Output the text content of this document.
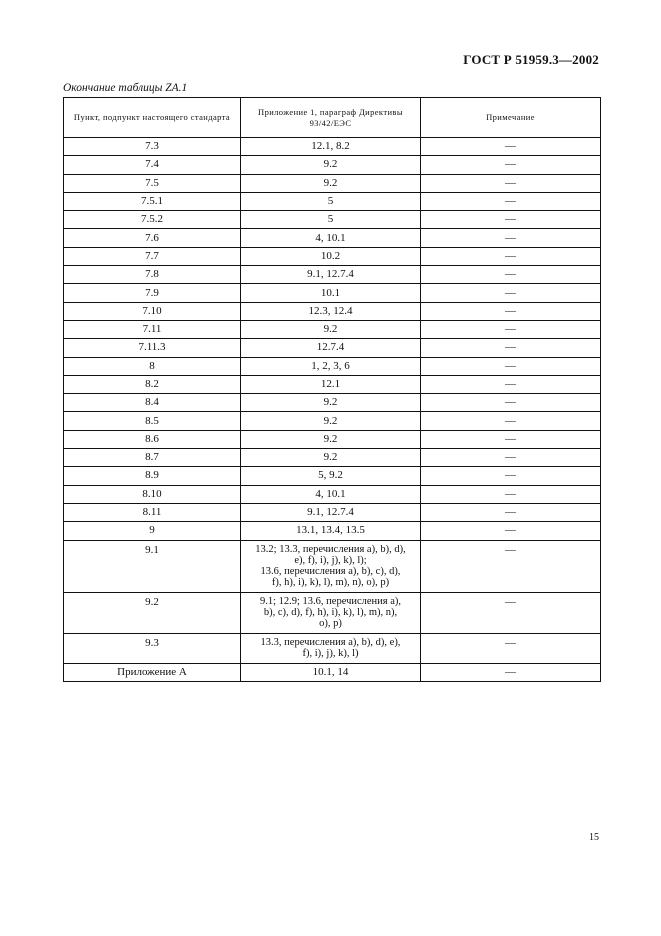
ГОСТ Р 51959.3—2002
Окончание таблицы ZA.1
Пункт, подпункт настоящего стандарта	Приложение 1, параграф Директивы 93/42/ЕЭС	Примечание
7.3	12.1, 8.2	—
7.4	9.2	—
7.5	9.2	—
7.5.1	5	—
7.5.2	5	—
7.6	4, 10.1	—
7.7	10.2	—
7.8	9.1, 12.7.4	—
7.9	10.1	—
7.10	12.3, 12.4	—
7.11	9.2	—
7.11.3	12.7.4	—
8	1, 2, 3, 6	—
8.2	12.1	—
8.4	9.2	—
8.5	9.2	—
8.6	9.2	—
8.7	9.2	—
8.9	5, 9.2	—
8.10	4, 10.1	—
8.11	9.1, 12.7.4	—
9	13.1, 13.4, 13.5	—
9.1	13.2; 13.3, перечисления a), b), d),
e), f), i), j), k), l);
13.6, перечисления a), b), c), d),
f), h), i), k), l), m), n), o), p)	—
9.2	9.1; 12.9; 13.6, перечисления a),
b), c), d), f), h), i), k), l), m), n),
o), p)	—
9.3	13.3, перечисления a), b), d), e),
f), i), j), k), l)	—
Приложение А	10.1, 14	—
15
